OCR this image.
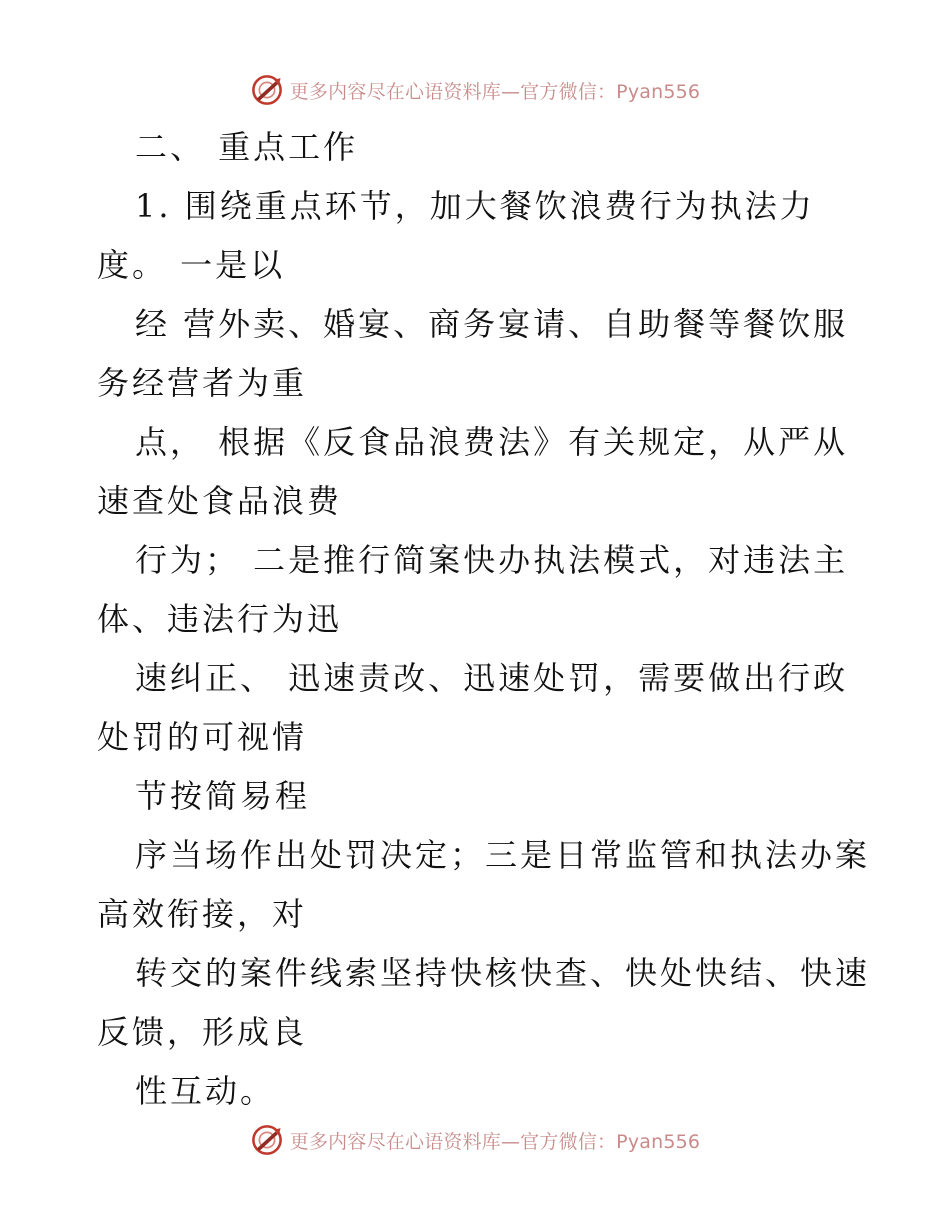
更多内容尽在心语资料库—官方微信：Pyan556
二、 重点工作
1. 围绕重点环节，加大餐饮浪费行为执法力
度。 一是以
经 营外卖、婚宴、商务宴请、自助餐等餐饮服
务经营者为重
点， 根据《反食品浪费法》有关规定，从严从
速查处食品浪费
行为； 二是推行简案快办执法模式，对违法主
体、违法行为迅
速纠正、 迅速责改、迅速处罚，需要做出行政
处罚的可视情
节按简易程
序当场作出处罚决定；三是日常监管和执法办案
高效衔接，对
转交的案件线索坚持快核快查、快处快结、快速
反馈，形成良
性互动。
更多内容尽在心语资料库—官方微信：Pyan556
